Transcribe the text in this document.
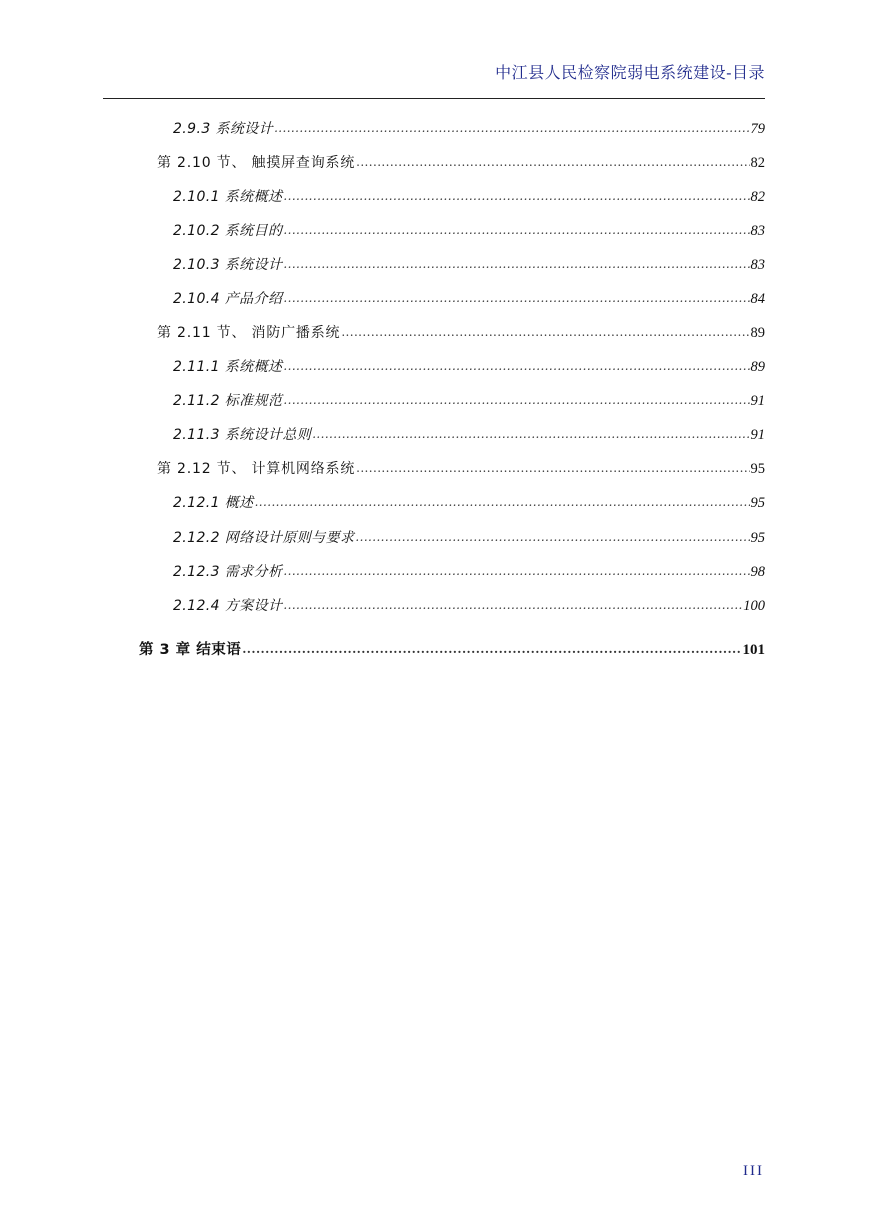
中江县人民检察院弱电系统建设-目录
2.9.3 系统设计 .....	79
第 2.10 节、 触摸屏查询系统 .....	82
2.10.1 系统概述 .....	82
2.10.2 系统目的 .....	83
2.10.3 系统设计 .....	83
2.10.4 产品介绍 .....	84
第 2.11 节、 消防广播系统 .....	89
2.11.1 系统概述 .....	89
2.11.2 标准规范 .....	91
2.11.3 系统设计总则 .....	91
第 2.12 节、 计算机网络系统 .....	95
2.12.1 概述 .....	95
2.12.2 网络设计原则与要求 .....	95
2.12.3 需求分析 .....	98
2.12.4 方案设计 .....	100
第 3 章 结束语 .....	101
III
